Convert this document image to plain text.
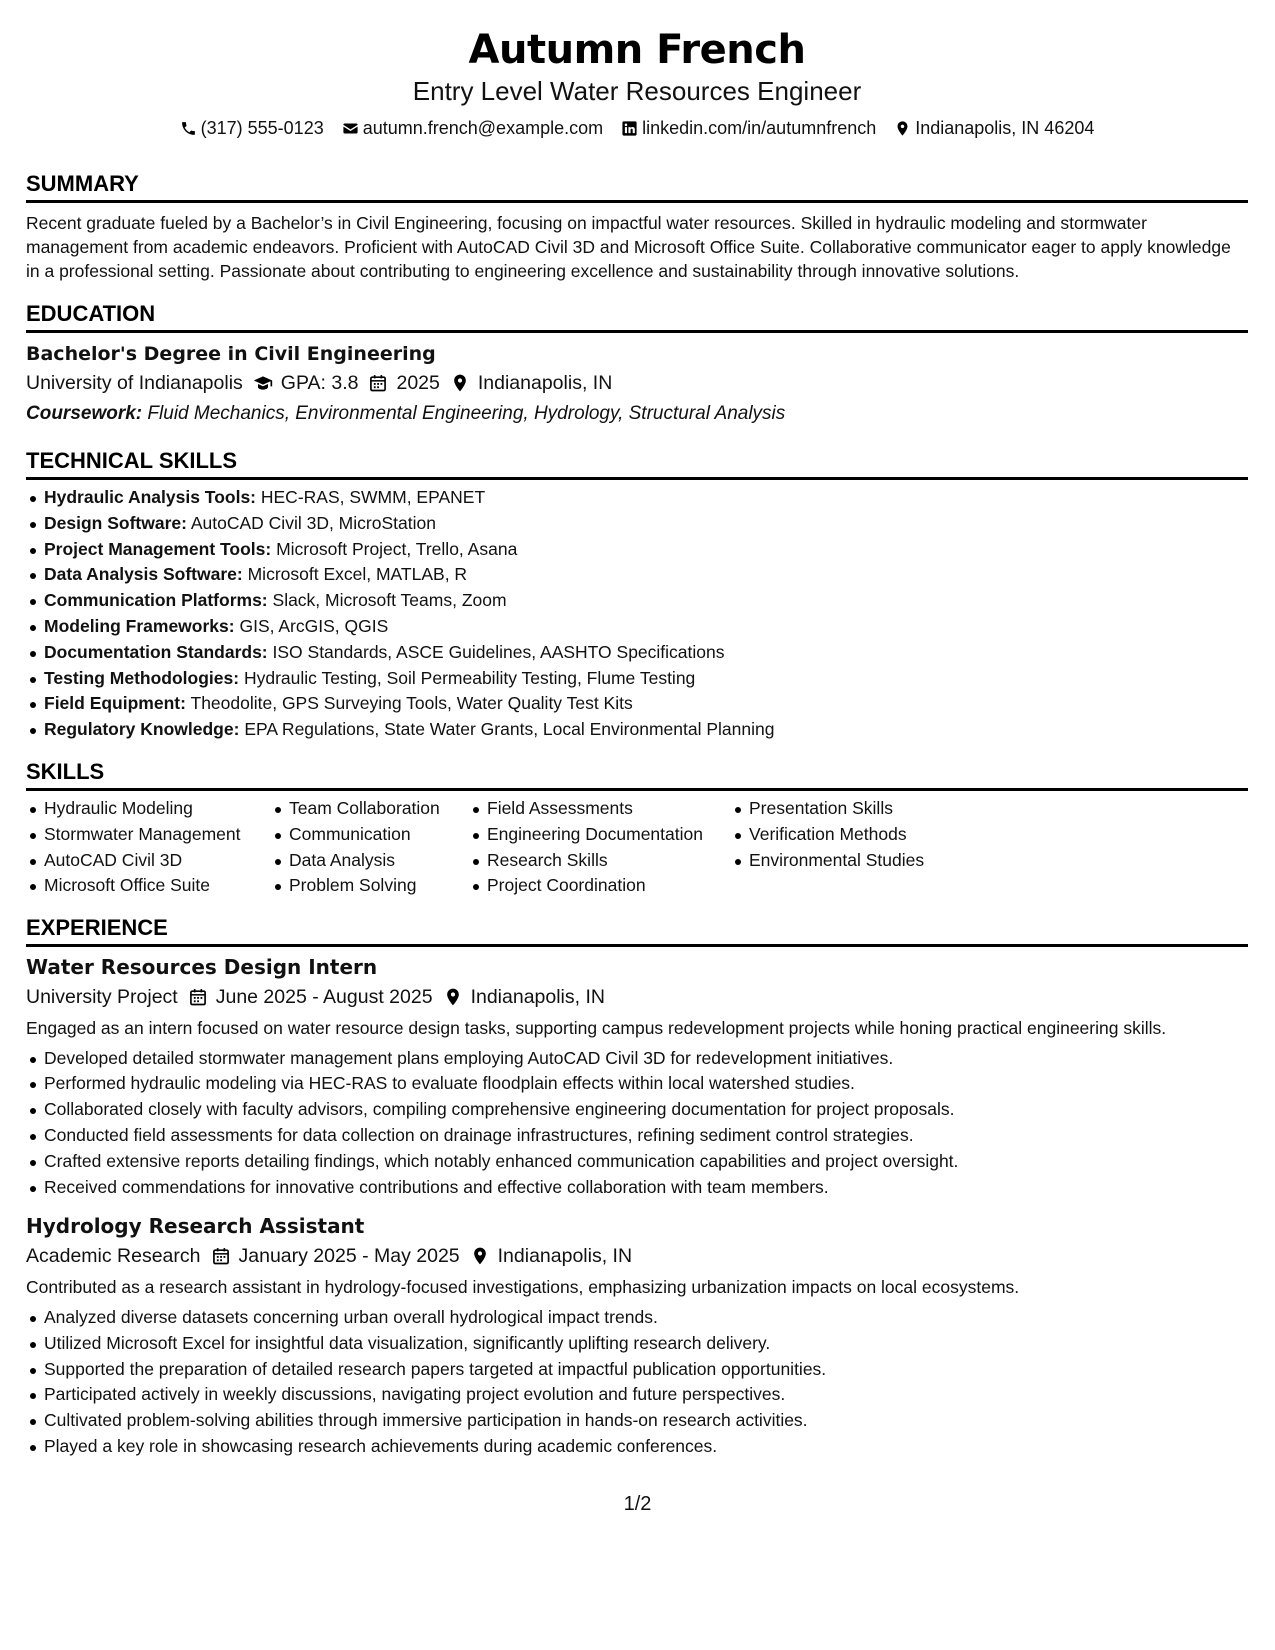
Autumn French
Entry Level Water Resources Engineer
(317) 555-0123 autumn.french@example.com linkedin.com/in/autumnfrench Indianapolis, IN 46204
SUMMARY
Recent graduate fueled by a Bachelor’s in Civil Engineering, focusing on impactful water resources. Skilled in hydraulic modeling and stormwater management from academic endeavors. Proficient with AutoCAD Civil 3D and Microsoft Office Suite. Collaborative communicator eager to apply knowledge in a professional setting. Passionate about contributing to engineering excellence and sustainability through innovative solutions.
EDUCATION
Bachelor's Degree in Civil Engineering
University of Indianapolis GPA: 3.8 2025 Indianapolis, IN
Coursework: Fluid Mechanics, Environmental Engineering, Hydrology, Structural Analysis
TECHNICAL SKILLS
Hydraulic Analysis Tools: HEC-RAS, SWMM, EPANET
Design Software: AutoCAD Civil 3D, MicroStation
Project Management Tools: Microsoft Project, Trello, Asana
Data Analysis Software: Microsoft Excel, MATLAB, R
Communication Platforms: Slack, Microsoft Teams, Zoom
Modeling Frameworks: GIS, ArcGIS, QGIS
Documentation Standards: ISO Standards, ASCE Guidelines, AASHTO Specifications
Testing Methodologies: Hydraulic Testing, Soil Permeability Testing, Flume Testing
Field Equipment: Theodolite, GPS Surveying Tools, Water Quality Test Kits
Regulatory Knowledge: EPA Regulations, State Water Grants, Local Environmental Planning
SKILLS
Hydraulic Modeling
Stormwater Management
AutoCAD Civil 3D
Microsoft Office Suite
Team Collaboration
Communication
Data Analysis
Problem Solving
Field Assessments
Engineering Documentation
Research Skills
Project Coordination
Presentation Skills
Verification Methods
Environmental Studies
EXPERIENCE
Water Resources Design Intern
University Project June 2025 - August 2025 Indianapolis, IN
Engaged as an intern focused on water resource design tasks, supporting campus redevelopment projects while honing practical engineering skills.
Developed detailed stormwater management plans employing AutoCAD Civil 3D for redevelopment initiatives.
Performed hydraulic modeling via HEC-RAS to evaluate floodplain effects within local watershed studies.
Collaborated closely with faculty advisors, compiling comprehensive engineering documentation for project proposals.
Conducted field assessments for data collection on drainage infrastructures, refining sediment control strategies.
Crafted extensive reports detailing findings, which notably enhanced communication capabilities and project oversight.
Received commendations for innovative contributions and effective collaboration with team members.
Hydrology Research Assistant
Academic Research January 2025 - May 2025 Indianapolis, IN
Contributed as a research assistant in hydrology-focused investigations, emphasizing urbanization impacts on local ecosystems.
Analyzed diverse datasets concerning urban overall hydrological impact trends.
Utilized Microsoft Excel for insightful data visualization, significantly uplifting research delivery.
Supported the preparation of detailed research papers targeted at impactful publication opportunities.
Participated actively in weekly discussions, navigating project evolution and future perspectives.
Cultivated problem-solving abilities through immersive participation in hands-on research activities.
Played a key role in showcasing research achievements during academic conferences.
1/2
